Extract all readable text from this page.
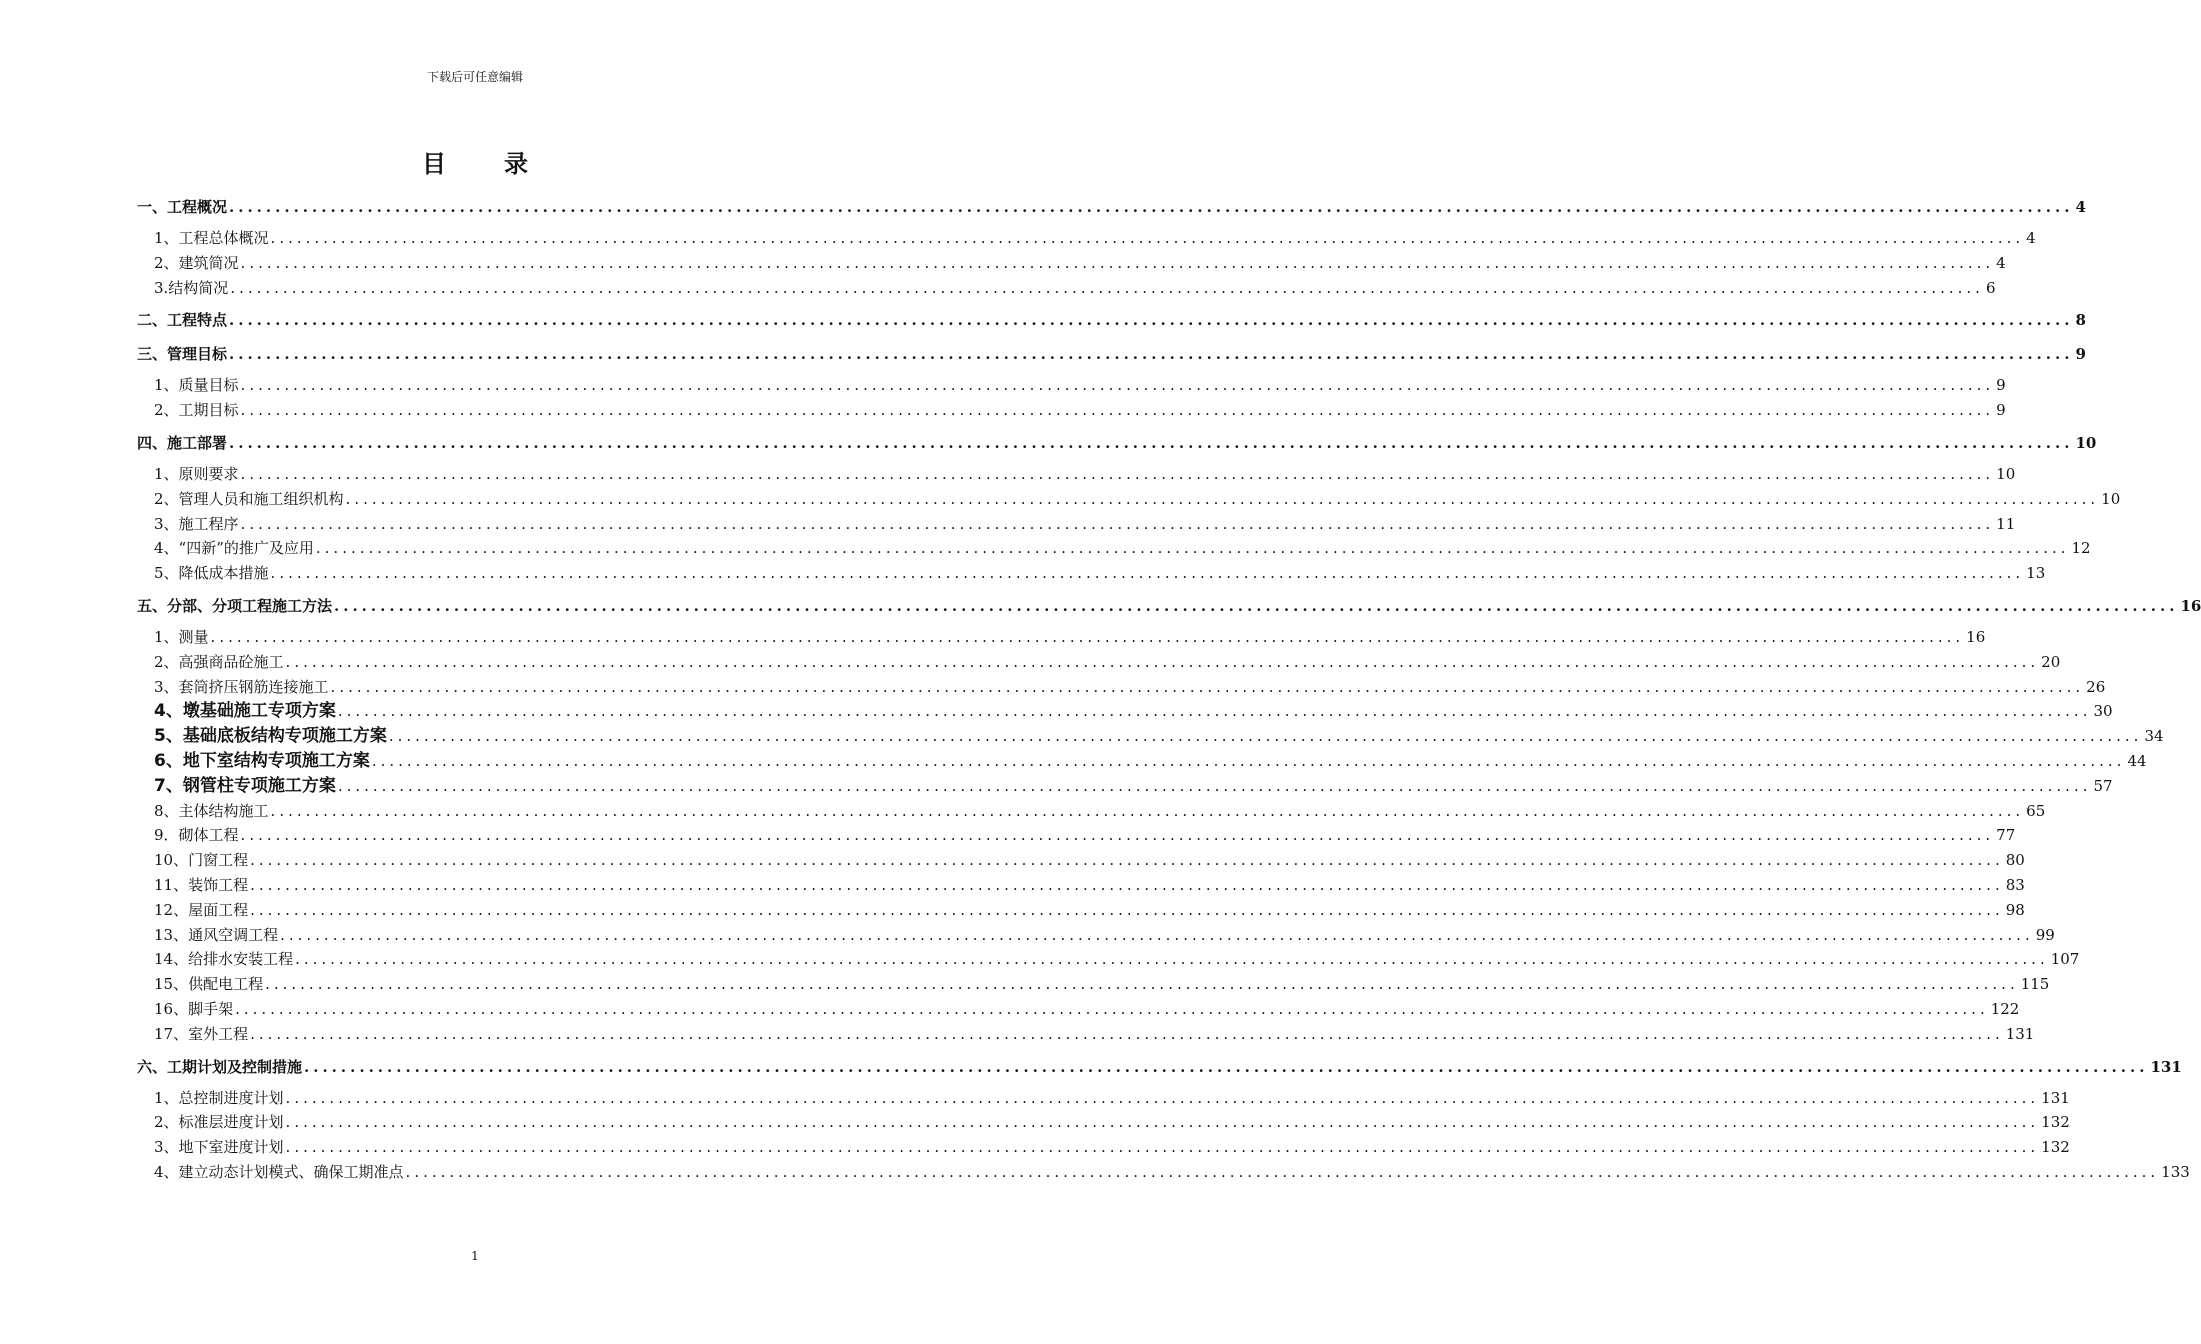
下载后可任意编辑
目录
一、工程概况 ........................................................................................................................................................................................................ 4
1、工程总体概况 ........................................................................................................................................................................................................ 4
2、建筑简况 ........................................................................................................................................................................................................ 4
3.结构简况 ........................................................................................................................................................................................................ 6
二、工程特点 ........................................................................................................................................................................................................ 8
三、管理目标 ........................................................................................................................................................................................................ 9
1、质量目标 ........................................................................................................................................................................................................ 9
2、工期目标 ........................................................................................................................................................................................................ 9
四、施工部署 ........................................................................................................................................................................................................ 10
1、原则要求 ........................................................................................................................................................................................................ 10
2、管理人员和施工组织机构 ........................................................................................................................................................................................................ 10
3、施工程序 ........................................................................................................................................................................................................ 11
4、“四新”的推广及应用 ........................................................................................................................................................................................................ 12
5、降低成本措施 ........................................................................................................................................................................................................ 13
五、分部、分项工程施工方法 ........................................................................................................................................................................................................ 16
1、测量 ........................................................................................................................................................................................................ 16
2、高强商品砼施工 ........................................................................................................................................................................................................ 20
3、套筒挤压钢筋连接施工 ........................................................................................................................................................................................................ 26
4、墩基础施工专项方案 ........................................................................................................................................................................................................ 30
5、基础底板结构专项施工方案 ........................................................................................................................................................................................................ 34
6、地下室结构专项施工方案 ........................................................................................................................................................................................................ 44
7、钢管柱专项施工方案 ........................................................................................................................................................................................................ 57
8、主体结构施工 ........................................................................................................................................................................................................ 65
9．砌体工程 ........................................................................................................................................................................................................ 77
10、门窗工程 ........................................................................................................................................................................................................ 80
11、装饰工程 ........................................................................................................................................................................................................ 83
12、屋面工程 ........................................................................................................................................................................................................ 98
13、通风空调工程 ........................................................................................................................................................................................................ 99
14、给排水安装工程 ........................................................................................................................................................................................................ 107
15、供配电工程 ........................................................................................................................................................................................................ 115
16、脚手架 ........................................................................................................................................................................................................ 122
17、室外工程 ........................................................................................................................................................................................................ 131
六、工期计划及控制措施 ........................................................................................................................................................................................................ 131
1、总控制进度计划 ........................................................................................................................................................................................................ 131
2、标准层进度计划 ........................................................................................................................................................................................................ 132
3、地下室进度计划 ........................................................................................................................................................................................................ 132
4、建立动态计划模式、确保工期准点 ........................................................................................................................................................................................................ 133
1
